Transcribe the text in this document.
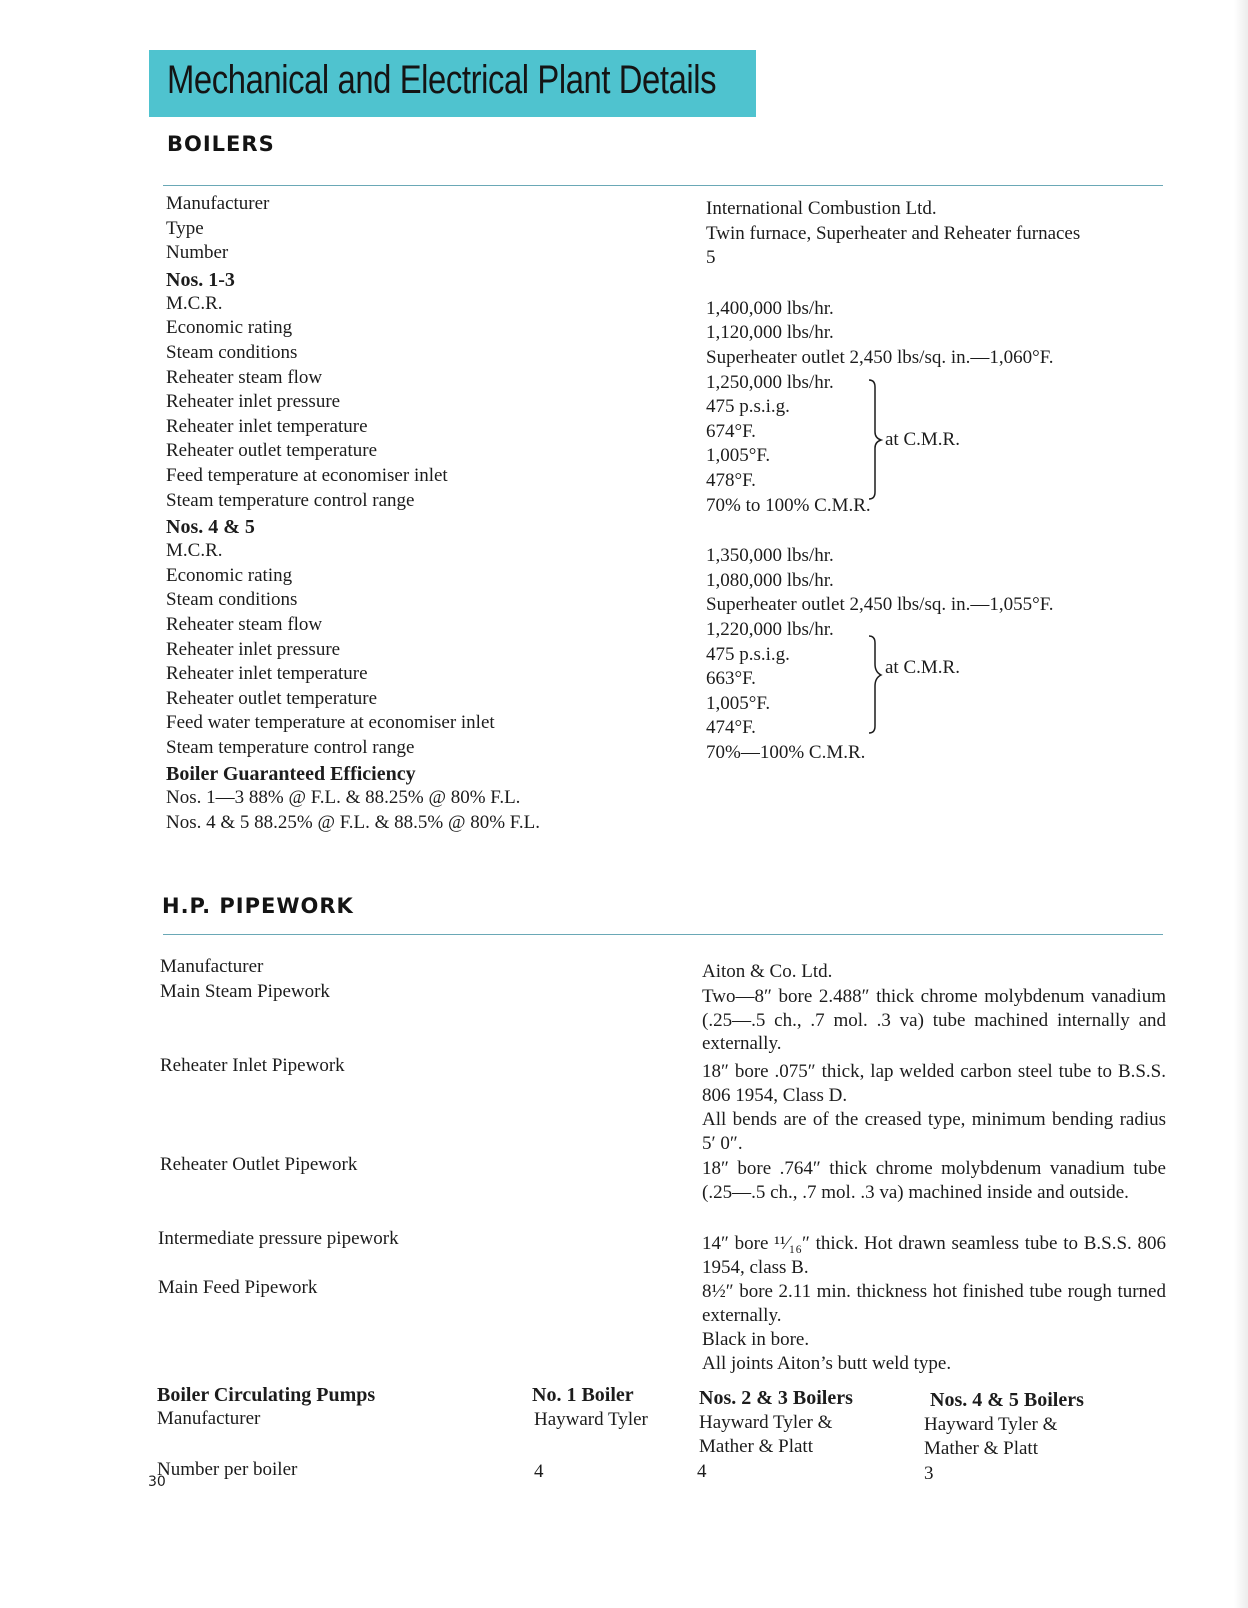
Mechanical and Electrical Plant Details
BOILERS
Manufacturer
Type
Number
Nos. 1-3
M.C.R.
Economic rating
Steam conditions
Reheater steam flow
Reheater inlet pressure
Reheater inlet temperature
Reheater outlet temperature
Feed temperature at economiser inlet
Steam temperature control range
Nos. 4 & 5
M.C.R.
Economic rating
Steam conditions
Reheater steam flow
Reheater inlet pressure
Reheater inlet temperature
Reheater outlet temperature
Feed water temperature at economiser inlet
Steam temperature control range
Boiler Guaranteed Efficiency
Nos. 1—3 88% @ F.L. & 88.25% @ 80% F.L.
Nos. 4 & 5 88.25% @ F.L. & 88.5% @ 80% F.L.
International Combustion Ltd.
Twin furnace, Superheater and Reheater furnaces
5
1,400,000 lbs/hr.
1,120,000 lbs/hr.
Superheater outlet 2,450 lbs/sq. in.—1,060°F.
1,250,000 lbs/hr.
475 p.s.i.g.
674°F.
1,005°F.
478°F.
70% to 100% C.M.R.
1,350,000 lbs/hr.
1,080,000 lbs/hr.
Superheater outlet 2,450 lbs/sq. in.—1,055°F.
1,220,000 lbs/hr.
475 p.s.i.g.
663°F.
1,005°F.
474°F.
70%—100% C.M.R.
at C.M.R.
at C.M.R.
H.P. PIPEWORK
Manufacturer
Main Steam Pipework
Reheater Inlet Pipework
Reheater Outlet Pipework
Intermediate pressure pipework
Main Feed Pipework
Aiton & Co. Ltd.
Two—8″ bore 2.488″ thick chrome molybdenum vanadium (.25—.5 ch., .7 mol. .3 va) tube machined internally and externally.
18″ bore .075″ thick, lap welded carbon steel tube to B.S.S. 806 1954, Class D.
All bends are of the creased type, minimum bending radius 5′ 0″.
18″ bore .764″ thick chrome molybdenum vanadium tube (.25—.5 ch., .7 mol. .3 va) machined inside and outside.
14″ bore ¹¹⁄₁₆″ thick. Hot drawn seamless tube to B.S.S. 806 1954, class B.
8½″ bore 2.11 min. thickness hot finished tube rough turned externally.
Black in bore.
All joints Aiton’s butt weld type.
Boiler Circulating Pumps
Manufacturer
Number per boiler
No. 1 Boiler
Hayward Tyler
4
Nos. 2 & 3 Boilers
Hayward Tyler &
Mather & Platt
4
Nos. 4 & 5 Boilers
Hayward Tyler &
Mather & Platt
3
30
